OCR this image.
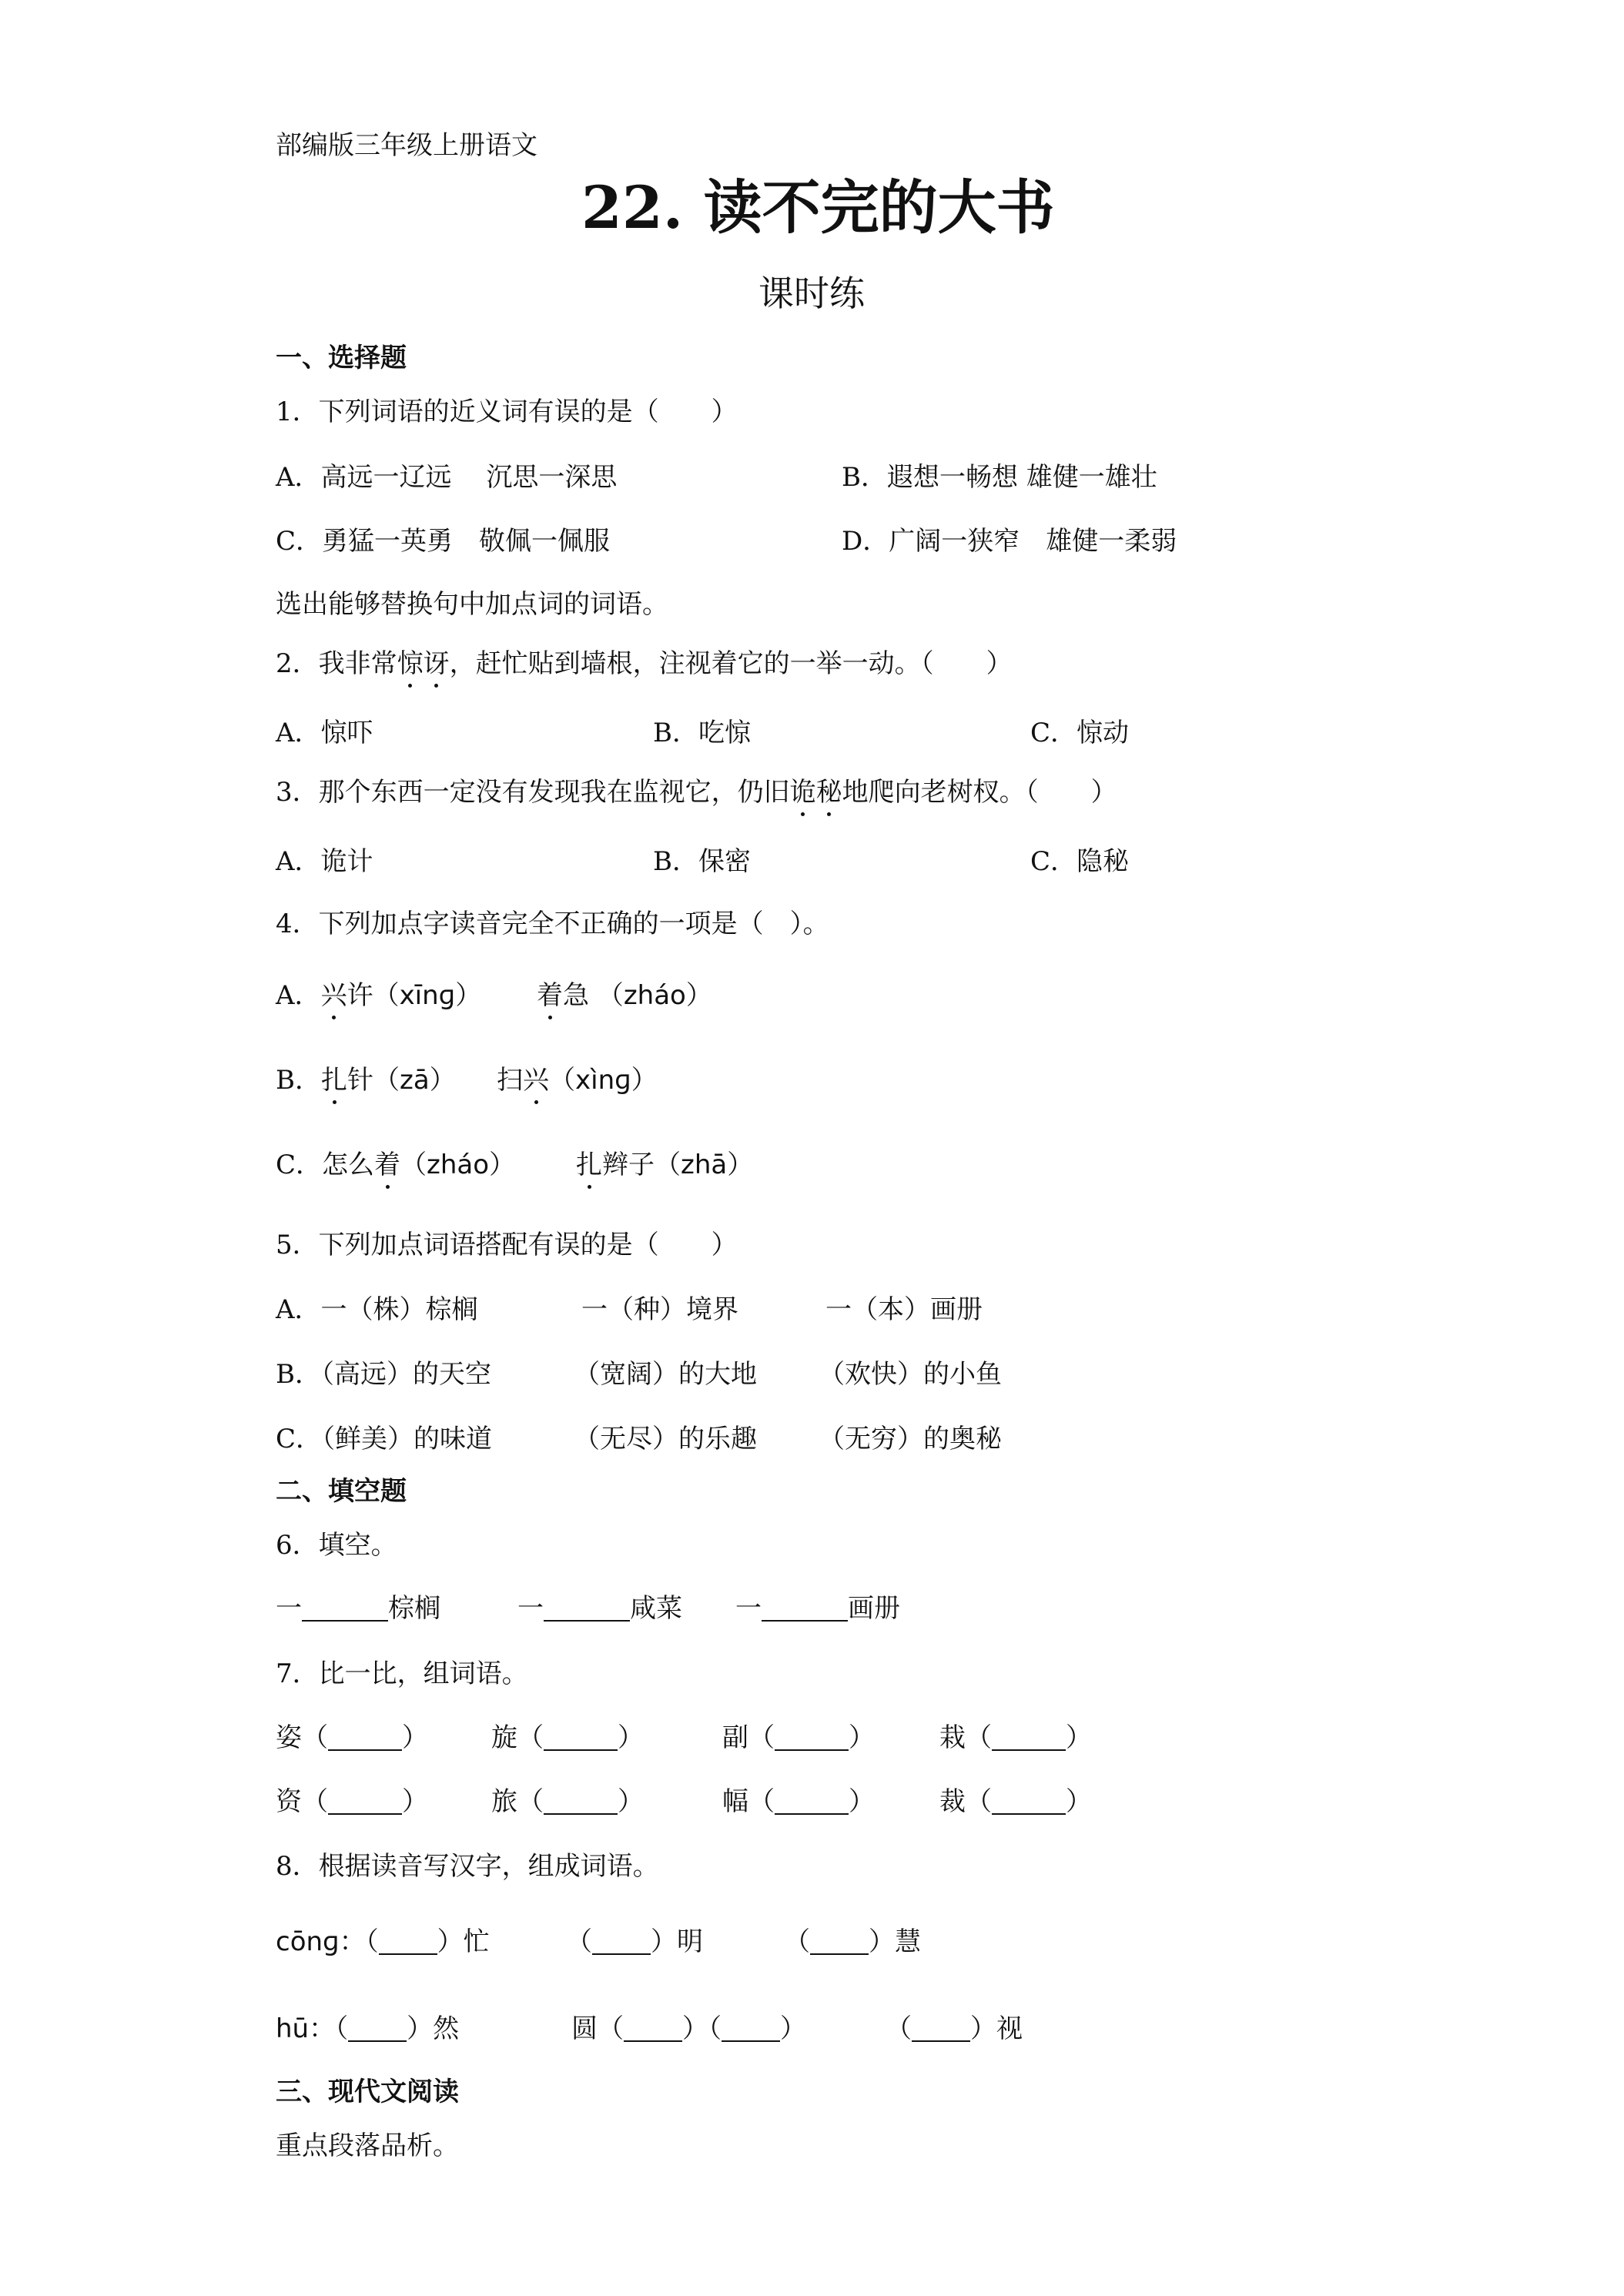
部编版三年级上册语文
22. 读不完的大书
课时练
一、选择题
1．下列词语的近义词有误的是（　　）
A．高远一辽远　 沉思一深思	B．遐想一畅想 雄健一雄壮
C．勇猛一英勇　敬佩一佩服	D．广阔一狭窄　雄健一柔弱
选出能够替换句中加点词的词语。
2．我非常惊讶，赶忙贴到墙根，注视着它的一举一动。（　　）
A．惊吓	B．吃惊	C．惊动
3．那个东西一定没有发现我在监视它，仍旧诡秘地爬向老树杈。（　　）
A．诡计	B．保密	C．隐秘
4．下列加点字读音完全不正确的一项是（　）。
A．兴许（xīnɡ） 着急 （zháo）
B．扎针（zā） 扫兴（xìnɡ）
C．怎么着（zháo） 扎辫子（zhā）
5．下列加点词语搭配有误的是（　　）
A．一（株）棕榈	一（种）境界	一（本）画册
B．（高远）的天空	（宽阔）的大地 （欢快）的小鱼
C．（鲜美）的味道	（无尽）的乐趣 （无穷）的奥秘
二、填空题
6．填空。
一	棕榈	一	咸菜 一	画册
7．比一比，组词语。
姿（	） 旋（	）	副（	） 栽（	）
资（	） 旅（	）	幅（	） 裁（	）
8．根据读音写汉字，组成词语。
cōnɡ：（ ）忙	（ ）明	（ ）慧
hū：（ ）然	圆（ ）（ ）	（ ）视
三、现代文阅读
重点段落品析。
